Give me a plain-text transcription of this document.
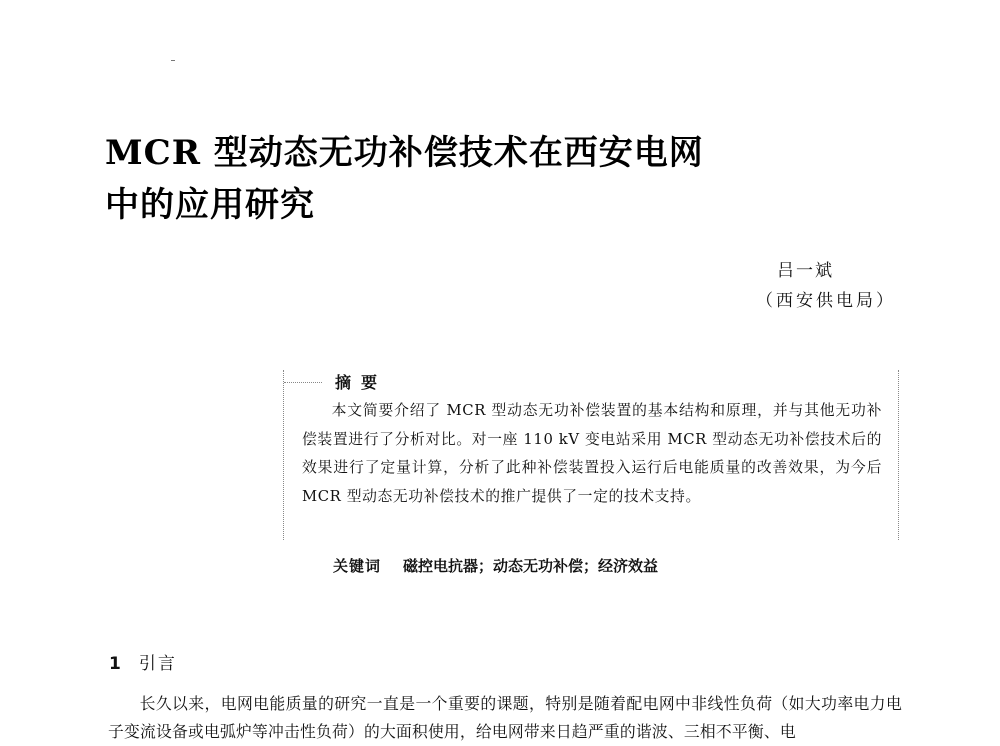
MCR 型动态无功补偿技术在西安电网
中的应用研究
吕一斌
（西安供电局）
摘要
本文简要介绍了 MCR 型动态无功补偿装置的基本结构和原理，并与其他无功补偿装置进行了分析对比。对一座 110 kV 变电站采用 MCR 型动态无功补偿技术后的效果进行了定量计算，分析了此种补偿装置投入运行后电能质量的改善效果，为今后 MCR 型动态无功补偿技术的推广提供了一定的技术支持。
关键词 磁控电抗器；动态无功补偿；经济效益
1 引言
长久以来，电网电能质量的研究一直是一个重要的课题，特别是随着配电网中非线性负荷（如大功率电力电子变流设备或电弧炉等冲击性负荷）的大面积使用，给电网带来日趋严重的谐波、三相不平衡、电
